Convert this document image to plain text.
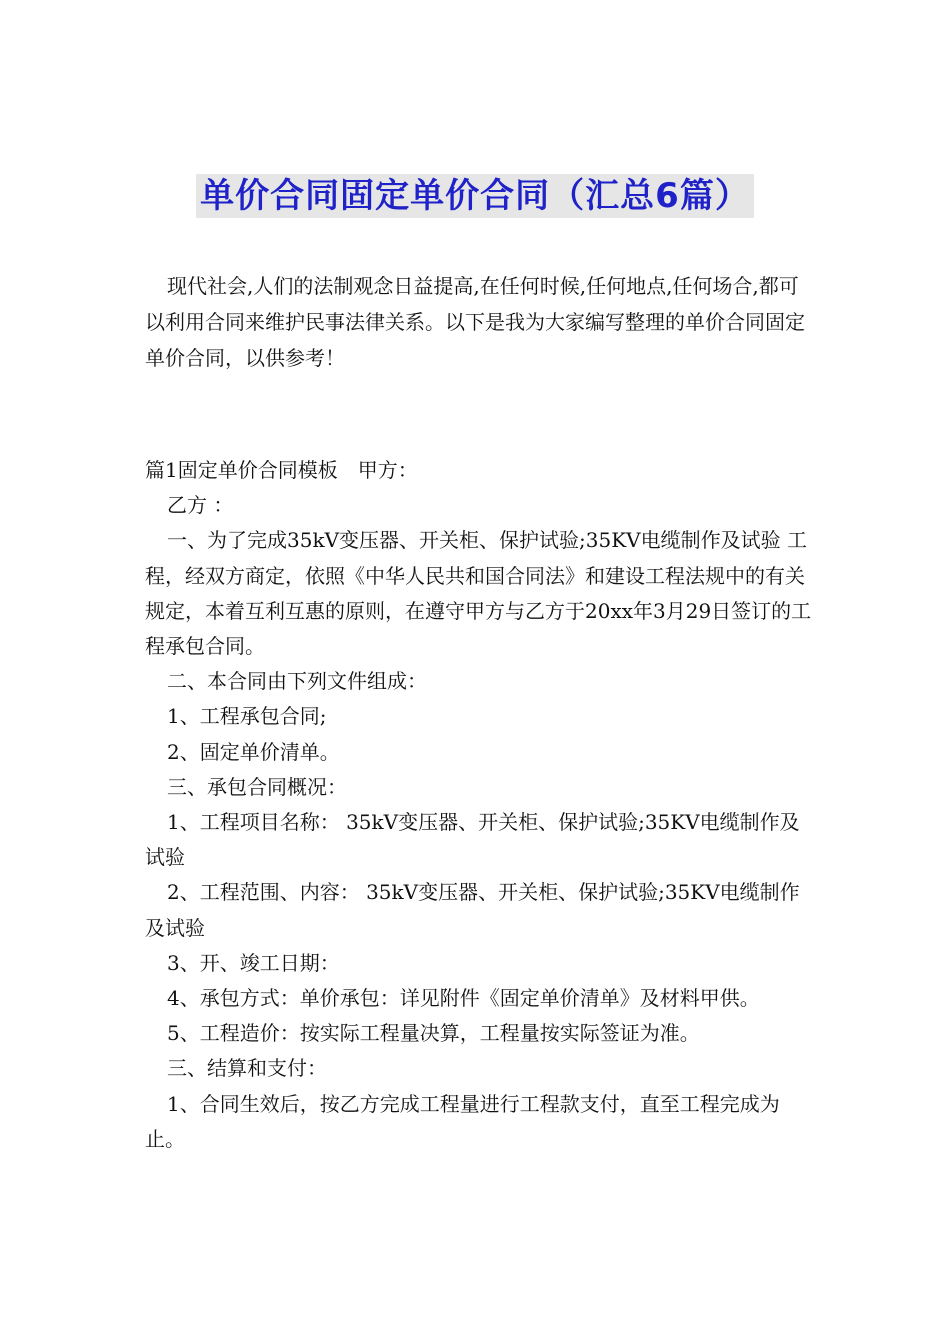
单价合同固定单价合同（汇总6篇）

现代社会,人们的法制观念日益提高,在任何时候,任何地点,任何场合,都可以利用合同来维护民事法律关系。以下是我为大家编写整理的单价合同固定单价合同，以供参考！

篇1固定单价合同模板　甲方：

乙方 ：

一、为了完成35kV变压器、开关柜、保护试验;35KV电缆制作及试验 工程，经双方商定，依照《中华人民共和国合同法》和建设工程法规中的有关规定，本着互利互惠的原则，在遵守甲方与乙方于20xx年3月29日签订的工程承包合同。

二、本合同由下列文件组成：

1、工程承包合同;

2、固定单价清单。

三、承包合同概况：

1、工程项目名称： 35kV变压器、开关柜、保护试验;35KV电缆制作及试验

2、工程范围、内容： 35kV变压器、开关柜、保护试验;35KV电缆制作及试验

3、开、竣工日期：

4、承包方式：单价承包：详见附件《固定单价清单》及材料甲供。

5、工程造价：按实际工程量决算，工程量按实际签证为准。

三、结算和支付：

1、合同生效后，按乙方完成工程量进行工程款支付，直至工程完成为止。
